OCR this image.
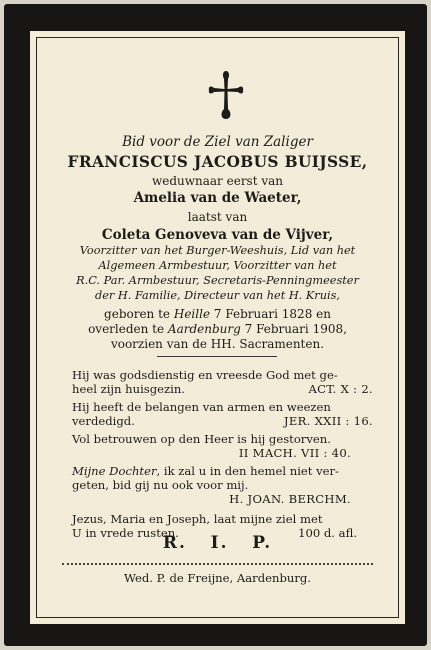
Bid voor de Ziel van Zaliger
FRANCISCUS JACOBUS BUIJSSE,
weduwnaar eerst van
Amelia van de Waeter,
laatst van
Coleta Genoveva van de Vijver,
Voorzitter van het Burger-Weeshuis, Lid van het
Algemeen Armbestuur, Voorzitter van het
R.C. Par. Armbestuur, Secretaris-Penningmeester
der H. Familie, Directeur van het H. Kruis,
geboren te Heille 7 Februari 1828 en
overleden te Aardenburg 7 Februari 1908,
voorzien van de HH. Sacramenten.
Hij was godsdienstig en vreesde God met ge-
heel zijn huisgezin.	ACT. X : 2.
Hij heeft de belangen van armen en weezen
verdedigd.	JER. XXII : 16.
Vol betrouwen op den Heer is hij gestorven.

II MACH. VII : 40.
Mijne Dochter, ik zal u in den hemel niet ver-
geten, bid gij nu ook voor mij.

H. JOAN. BERCHM.
Jezus, Maria en Joseph, laat mijne ziel met
U in vrede rusten.	100 d. afl.
R.   I.   P.
Wed. P. de Freijne, Aardenburg.
